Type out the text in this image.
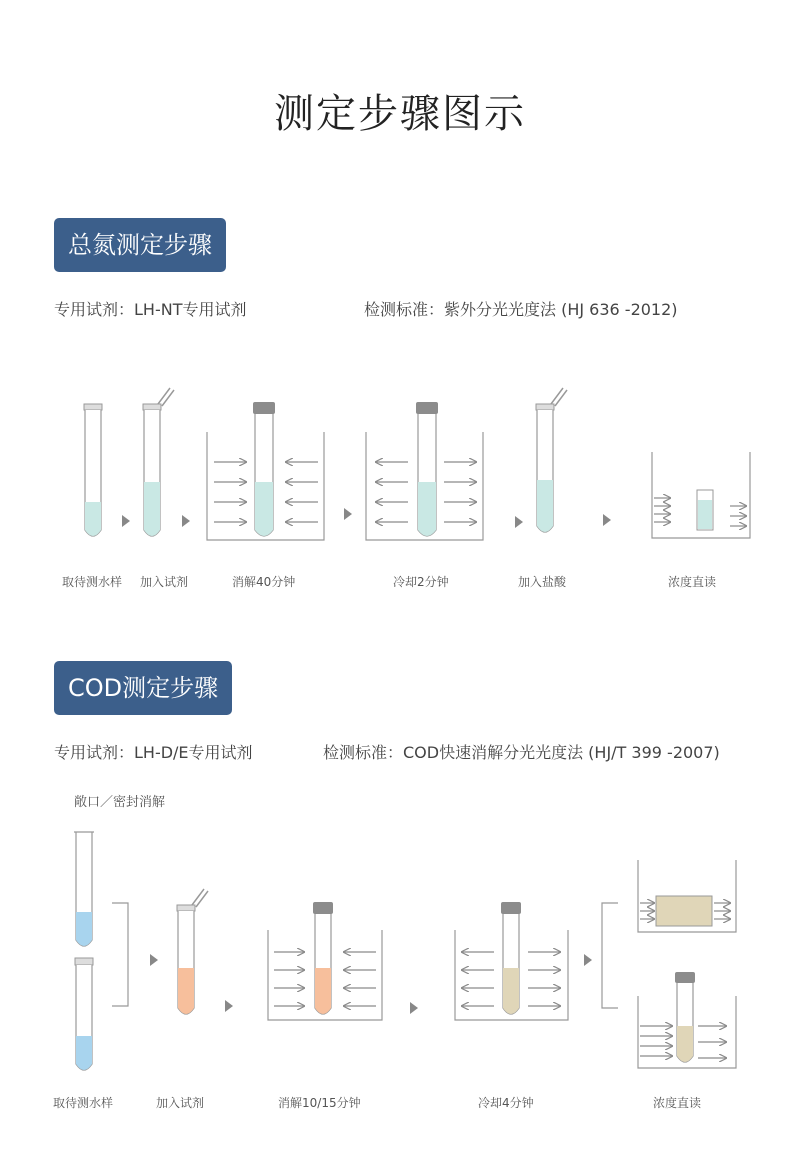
测定步骤图示
总氮测定步骤
专用试剂：LH-NT专用试剂	检测标准：紫外分光光度法 (HJ 636 -2012)
取待测水样 加入试剂	消解40分钟	冷却2分钟	加入盐酸	浓度直读
COD测定步骤
专用试剂：LH-D/E专用试剂	检测标准：COD快速消解分光光度法 (HJ/T 399 -2007)
敞口／密封消解
取待测水样	加入试剂	消解10/15分钟	冷却4分钟	浓度直读
